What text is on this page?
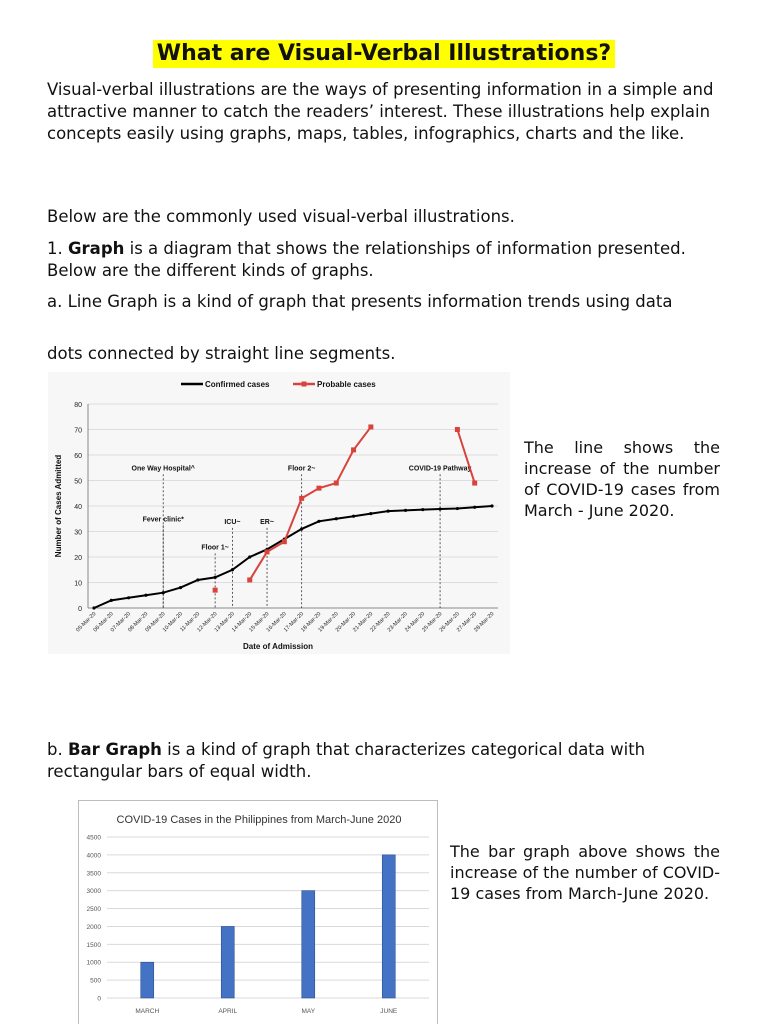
What are Visual-Verbal Illustrations?

Visual-verbal illustrations are the ways of presenting information in a simple and attractive manner to catch the readers’ interest. These illustrations help explain concepts easily using graphs, maps, tables, infographics, charts and the like.

Below are the commonly used visual-verbal illustrations.

1. Graph is a diagram that shows the relationships of information presented. Below are the different kinds of graphs.

a. Line Graph is a kind of graph that presents information trends using data

dots connected by straight line segments.

0
10
20
30
40
50
60
70
80
05-Mar-20
06-Mar-20
07-Mar-20
08-Mar-20
09-Mar-20
10-Mar-20
11-Mar-20
12-Mar-20
13-Mar-20
14-Mar-20
15-Mar-20
16-Mar-20
17-Mar-20
18-Mar-20
19-Mar-20
20-Mar-20
21-Mar-20
22-Mar-20
23-Mar-20
24-Mar-20
25-Mar-20
26-Mar-20
27-Mar-20
28-Mar-20
Date of Admission
Number of Cases Admitted	Fever clinic*
One Way Hospital^
Floor 1~
ICU~	ER~
Floor 2~	COVID-19 Pathway
Confirmed cases	Probable cases

The line shows the increase of the number of COVID-19 cases from March - June 2020.

b. Bar Graph is a kind of graph that characterizes categorical data with rectangular bars of equal width.

COVID-19 Cases in the Philippines from March-June 2020
0
500
1000
1500
2000
2500
3000
3500
4000
4500
MARCH	APRIL	MAY	JUNE

The bar graph above shows the increase of the number of COVID-19 cases from March-June 2020.
